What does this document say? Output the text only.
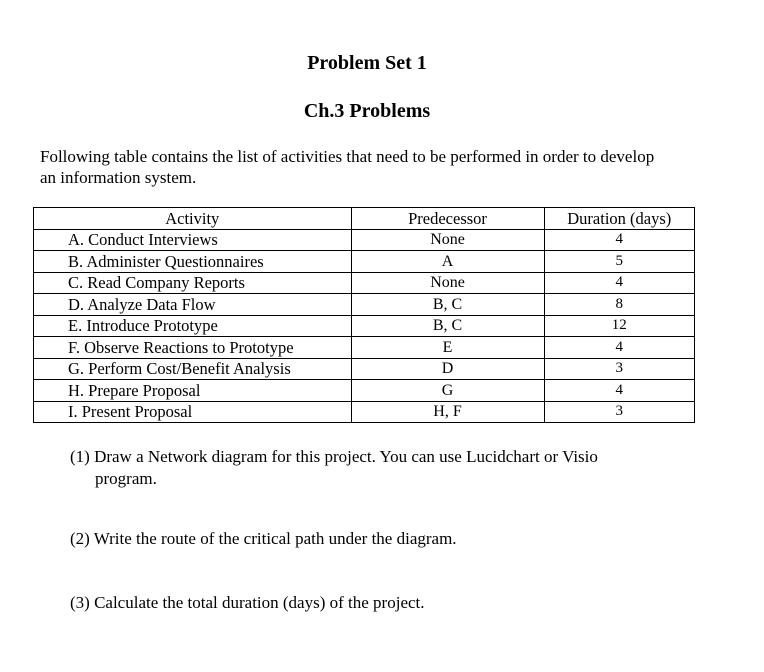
Problem Set 1
Ch.3 Problems
Following table contains the list of activities that need to be performed in order to develop an information system.
Activity	Predecessor	Duration (days)
A. Conduct Interviews	None	4
B. Administer Questionnaires	A	5
C. Read Company Reports	None	4
D. Analyze Data Flow	B, C	8
E. Introduce Prototype	B, C	12
F. Observe Reactions to Prototype	E	4
G. Perform Cost/Benefit Analysis	D	3
H. Prepare Proposal	G	4
I. Present Proposal	H, F	3
(1) Draw a Network diagram for this project. You can use Lucidchart or Visio
program.
(2) Write the route of the critical path under the diagram.
(3) Calculate the total duration (days) of the project.
